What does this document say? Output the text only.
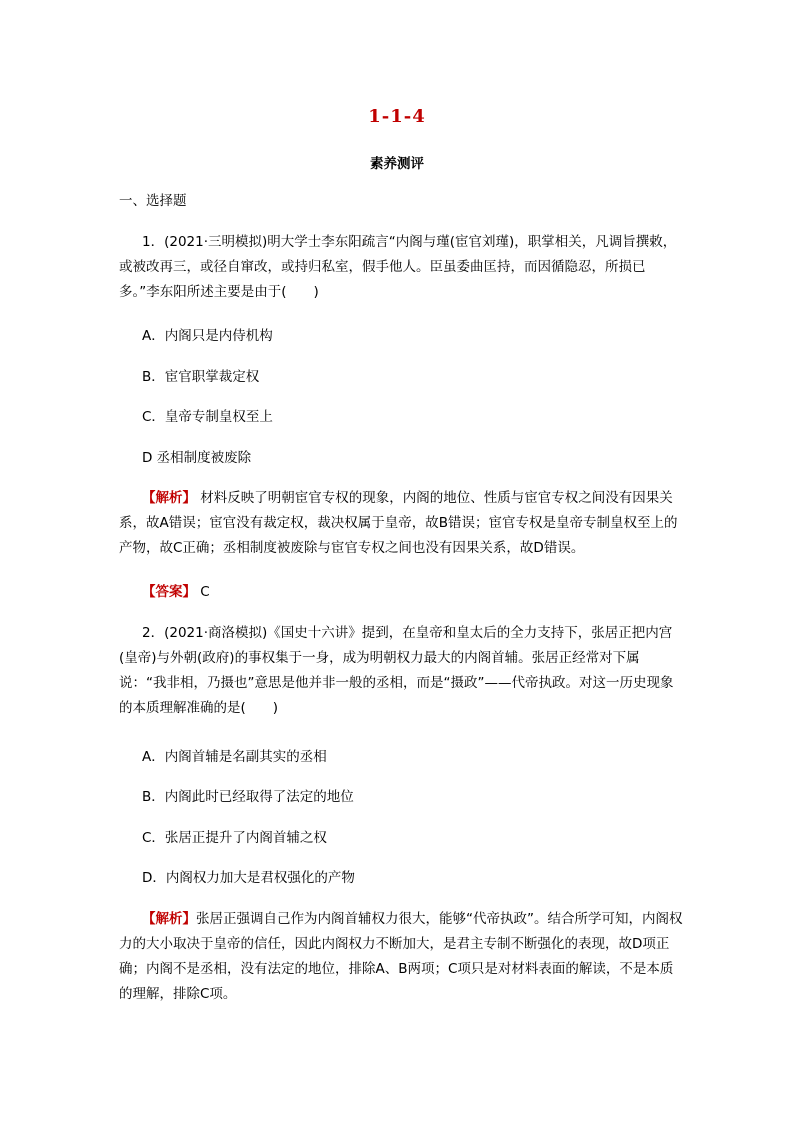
1-1-4
素养测评

一、选择题

1．(2021·三明模拟)明大学士李东阳疏言“内阁与瑾(宦官刘瑾)，职掌相关，凡调旨撰敕，或被改再三，或径自窜改，或持归私室，假手他人。臣虽委曲匡持，而因循隐忍，所损已多。”李东阳所述主要是由于(　　)

A．内阁只是内侍机构

B．宦官职掌裁定权

C．皇帝专制皇权至上

D 丞相制度被废除

【解析】 材料反映了明朝宦官专权的现象，内阁的地位、性质与宦官专权之间没有因果关系，故A错误；宦官没有裁定权，裁决权属于皇帝，故B错误；宦官专权是皇帝专制皇权至上的产物，故C正确；丞相制度被废除与宦官专权之间也没有因果关系，故D错误。

【答案】 C

2．(2021·商洛模拟)《国史十六讲》提到，在皇帝和皇太后的全力支持下，张居正把内宫(皇帝)与外朝(政府)的事权集于一身，成为明朝权力最大的内阁首辅。张居正经常对下属说：“我非相，乃摄也”意思是他并非一般的丞相，而是“摄政”——代帝执政。对这一历史现象的本质理解准确的是(　　)

A．内阁首辅是名副其实的丞相

B．内阁此时已经取得了法定的地位

C．张居正提升了内阁首辅之权

D．内阁权力加大是君权强化的产物

【解析】张居正强调自己作为内阁首辅权力很大，能够“代帝执政”。结合所学可知，内阁权力的大小取决于皇帝的信任，因此内阁权力不断加大，是君主专制不断强化的表现，故D项正确；内阁不是丞相，没有法定的地位，排除A、B两项；C项只是对材料表面的解读，不是本质的理解，排除C项。
